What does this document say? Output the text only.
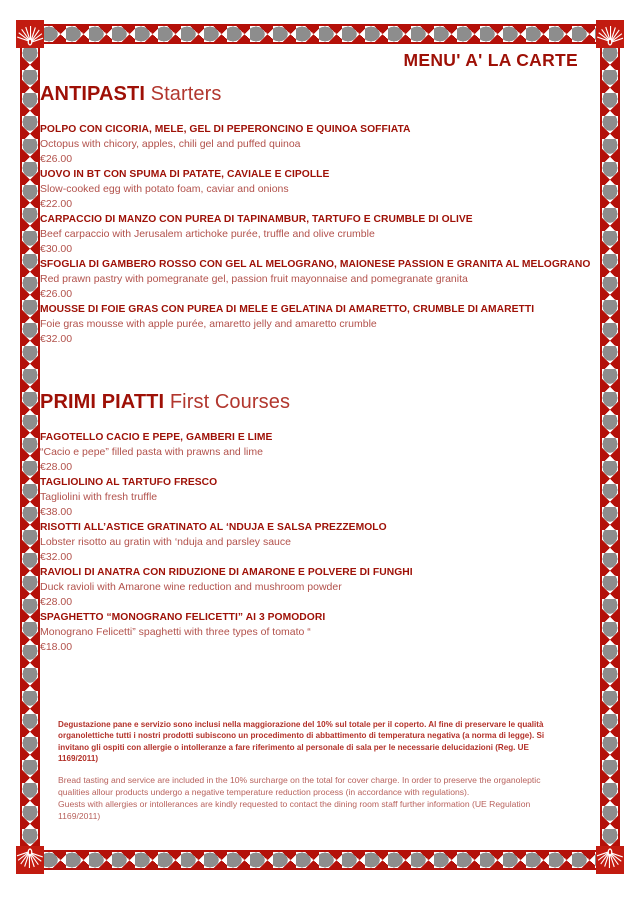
MENU' A' LA CARTE
ANTIPASTI Starters
POLPO CON CICORIA, MELE, GEL DI PEPERONCINO E QUINOA SOFFIATA
Octopus with chicory, apples, chili gel and puffed quinoa
€26.00
UOVO IN BT CON SPUMA DI PATATE, CAVIALE E CIPOLLE
Slow-cooked egg with potato foam, caviar and onions
€22.00
CARPACCIO DI MANZO CON PUREA DI TAPINAMBUR, TARTUFO E CRUMBLE DI OLIVE
Beef carpaccio with Jerusalem artichoke purée, truffle and olive crumble
€30.00
SFOGLIA DI GAMBERO ROSSO CON GEL AL MELOGRANO, MAIONESE PASSION E GRANITA AL MELOGRANO
Red prawn pastry with pomegranate gel, passion fruit mayonnaise and pomegranate granita
€26.00
MOUSSE DI FOIE GRAS CON PUREA DI MELE E GELATINA DI AMARETTO, CRUMBLE DI AMARETTI
Foie gras mousse with apple purée, amaretto jelly and amaretto crumble
€32.00
PRIMI PIATTI First Courses
FAGOTELLO CACIO E PEPE, GAMBERI E LIME
“Cacio e pepe” filled pasta with prawns and lime
€28.00
TAGLIOLINO AL TARTUFO FRESCO
Tagliolini with fresh truffle
€38.00
RISOTTI ALL’ASTICE GRATINATO AL ‘NDUJA E SALSA PREZZEMOLO
Lobster risotto au gratin with ‘nduja and parsley sauce
€32.00
RAVIOLI DI ANATRA CON RIDUZIONE DI AMARONE E POLVERE DI FUNGHI
Duck ravioli with Amarone wine reduction and mushroom powder
€28.00
SPAGHETTO “MONOGRANO FELICETTI” AI 3 POMODORI
Monograno Felicetti” spaghetti with three types of tomato “
€18.00
Degustazione pane e servizio sono inclusi nella maggiorazione del 10% sul totale per il coperto. Al fine di preservare le qualità organolettiche tutti i nostri prodotti subiscono un procedimento di abbattimento di temperatura negativa (a norma di legge). Si invitano gli ospiti con allergie o intolleranze a fare riferimento al personale di sala per le necessarie delucidazioni (Reg. UE 1169/2011)

Bread tasting and service are included in the 10% surcharge on the total for cover charge. In order to preserve the organoleptic qualities allour products undergo a negative temperature reduction process (in accordance with regulations).

Guests with allergies or intollerances are kindly requested to contact the dining room staff further information (UE Regulation 1169/2011)
